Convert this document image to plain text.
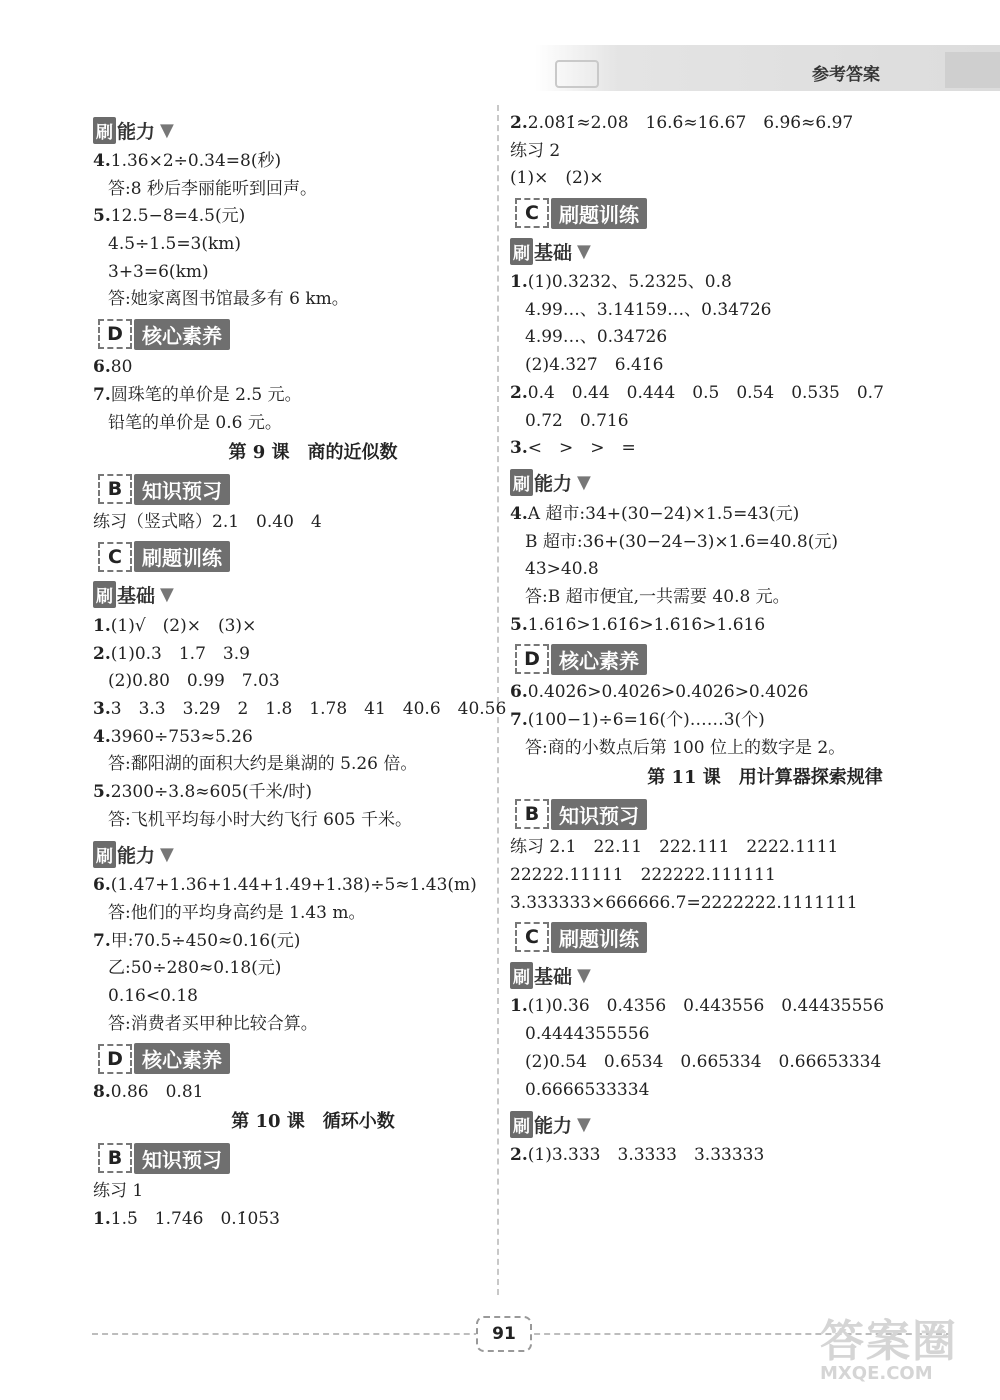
参考答案
刷 能力 ▼
4.1.36×2÷0.34=8(秒)
答:8 秒后李丽能听到回声。
5.12.5−8=4.5(元)
4.5÷1.5=3(km)
3+3=6(km)
答:她家离图书馆最多有 6 km。
D 核心素养
6.80
7.圆珠笔的单价是 2.5 元。
铅笔的单价是 0.6 元。
第 9 课　商的近似数
B 知识预习
练习（竖式略）2.1　0.40　4
C	刷题训练
刷 基础 ▼
1.(1)√　(2)×　(3)×
2.(1)0.3　1.7　3.9
(2)0.80　0.99　7.03
3.3　3.3　3.29　2　1.8　1.78　41　40.6　40.56
4.3960÷753≈5.26
答:鄱阳湖的面积大约是巢湖的 5.26 倍。
5.2300÷3.8≈605(千米/时)
答:飞机平均每小时大约飞行 605 千米。
刷 能力 ▼
6.(1.47+1.36+1.44+1.49+1.38)÷5≈1.43(m)
答:他们的平均身高约是 1.43 m。
7.甲:70.5÷450≈0.16(元)
乙:50÷280≈0.18(元)
0.16<0.18
答:消费者买甲种比较合算。
D 核心素养
8.0.86　0.81
第 10 课　循环小数
B 知识预习
练习 1
1.1.5̇　1.74̇6̇　0.1̇05̇3
2.2.08̇1̇≈2.08　16.6̇≈16.67　6.9̇6̇≈6.97
练习 2
(1)×　(2)×
C	刷题训练
刷 基础 ▼
1.(1)0.3232、5.2325、0.8̇
4.99…、3.14159…、0.3̇472̇6
4.99…、0.3̇472̇6
(2)4.3̇27̇　6.41̇6̇
2.0.4　0.44　0.444　0.5　0.54　0.535　0.7
0.72　0.716
3.<　>　>　=
刷 能力 ▼
4.A 超市:34+(30−24)×1.5=43(元)
B 超市:36+(30−24−3)×1.6=40.8(元)
43>40.8
答:B 超市便宜,一共需要 40.8 元。
5.1.616̇>1.61̇6̇>1.6̇16̇>1.616
D 核心素养
6.0.402̇6̇>0.4̇026̇>0.40̇26̇>0.4026
7.(100−1)÷6=16(个)……3(个)
答:商的小数点后第 100 位上的数字是 2。
第 11 课　用计算器探索规律
B 知识预习
练习 2.1　22.11　222.111　2222.1111
22222.11111　222222.111111
3.333333×666666.7=2222222.1111111
C	刷题训练
刷 基础 ▼
1.(1)0.36　0.4356　0.443556　0.44435556
0.4444355556
(2)0.54　0.6534　0.665334　0.66653334
0.6666533334
刷 能力 ▼
2.(1)3.333　3.3333　3.33333
91	答案圈
MXQE.COM
